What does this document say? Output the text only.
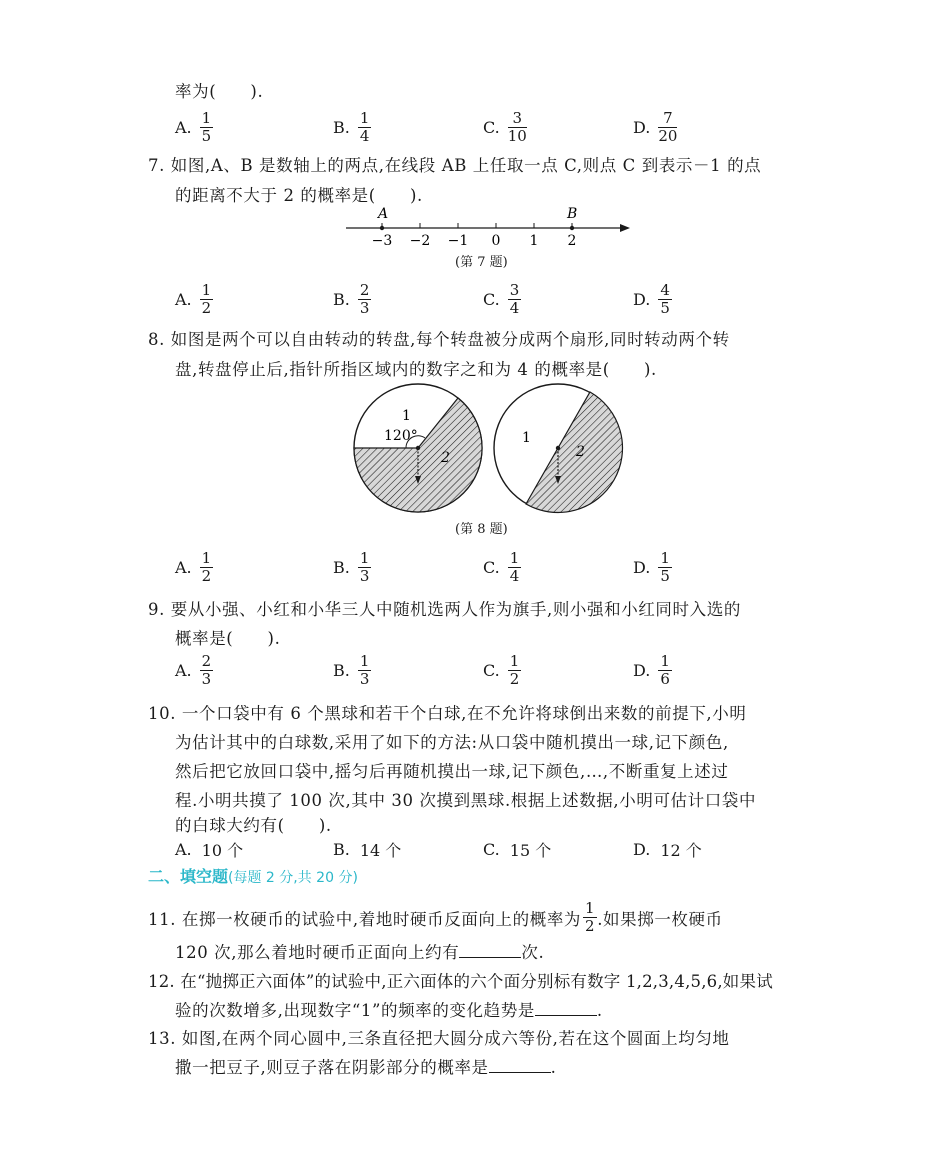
率为(　　).
A. $\frac{1}{5}$	B. $\frac{1}{4}$	C. $\frac{3}{10}$	D. $\frac{7}{20}$
7. 如图,A、B 是数轴上的两点,在线段 AB 上任取一点 C,则点 C 到表示－1 的点
的距离不大于 2 的概率是(　　).
A	B
−3 −2 −1 0 1 2
(第 7 题)
A. $\frac{1}{2}$	B. $\frac{2}{3}$	C. $\frac{3}{4}$	D. $\frac{4}{5}$
8. 如图是两个可以自由转动的转盘,每个转盘被分成两个扇形,同时转动两个转
盘,转盘停止后,指针所指区域内的数字之和为 4 的概率是(　　).
1
120°
2
1
2
(第 8 题)
A. $\frac{1}{2}$	B. $\frac{1}{3}$	C. $\frac{1}{4}$	D. $\frac{1}{5}$
9. 要从小强、小红和小华三人中随机选两人作为旗手,则小强和小红同时入选的
概率是(　　).
A. $\frac{2}{3}$	B. $\frac{1}{3}$	C. $\frac{1}{2}$	D. $\frac{1}{6}$
10. 一个口袋中有 6 个黑球和若干个白球,在不允许将球倒出来数的前提下,小明
为估计其中的白球数,采用了如下的方法:从口袋中随机摸出一球,记下颜色,
然后把它放回口袋中,摇匀后再随机摸出一球,记下颜色,…,不断重复上述过
程.小明共摸了 100 次,其中 30 次摸到黑球.根据上述数据,小明可估计口袋中
的白球大约有(　　).
A. 10 个	B. 14 个	C. 15 个	D. 12 个
二、填空题(每题 2 分,共 20 分)
11. 在掷一枚硬币的试验中,着地时硬币反面向上的概率为 $\frac{1}{2}$ .如果掷一枚硬币
120 次,那么着地时硬币正面向上约有	次.
12. 在“抛掷正六面体”的试验中,正六面体的六个面分别标有数字 1,2,3,4,5,6,如果试
验的次数增多,出现数字“1”的频率的变化趋势是	.
13. 如图,在两个同心圆中,三条直径把大圆分成六等份,若在这个圆面上均匀地
撒一把豆子,则豆子落在阴影部分的概率是	.
